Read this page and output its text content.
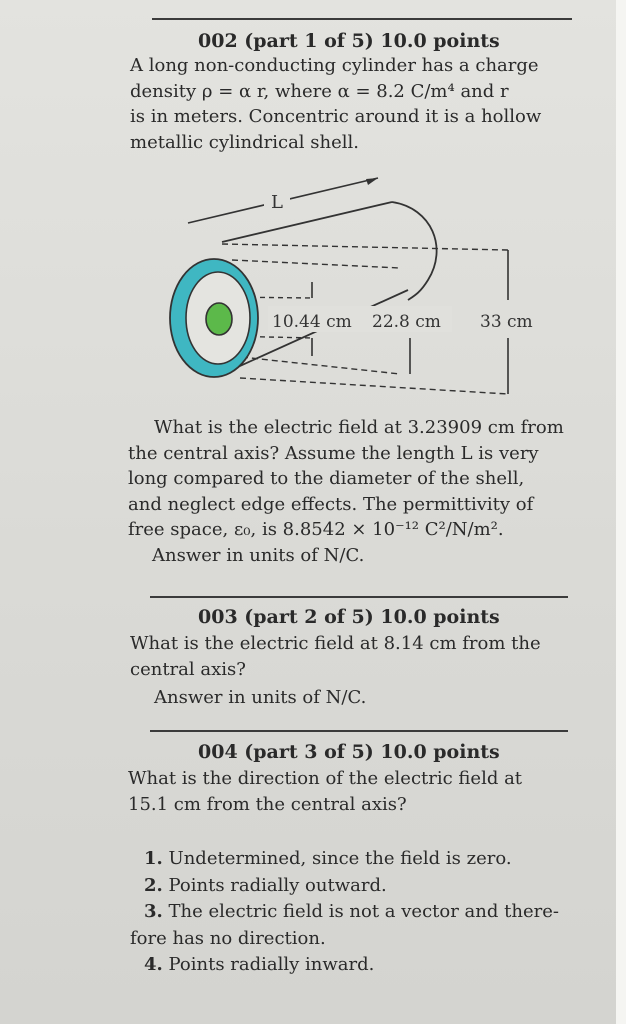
002 (part 1 of 5) 10.0 points
A long non-conducting cylinder has a charge
density ρ = α r, where α = 8.2 C/m⁴ and r
is in meters. Concentric around it is a hollow
metallic cylindrical shell.
L
10.44 cm 22.8 cm 33 cm
What is the electric field at 3.23909 cm from
the central axis? Assume the length L is very
long compared to the diameter of the shell,
and neglect edge effects. The permittivity of
free space, ε₀, is 8.8542 × 10⁻¹² C²/N/m².
Answer in units of N/C.
003 (part 2 of 5) 10.0 points
What is the electric field at 8.14 cm from the
central axis?
Answer in units of N/C.
004 (part 3 of 5) 10.0 points
What is the direction of the electric field at
15.1 cm from the central axis?
1. Undetermined, since the field is zero.
2. Points radially outward.
3. The electric field is not a vector and there-
fore has no direction.
4. Points radially inward.
